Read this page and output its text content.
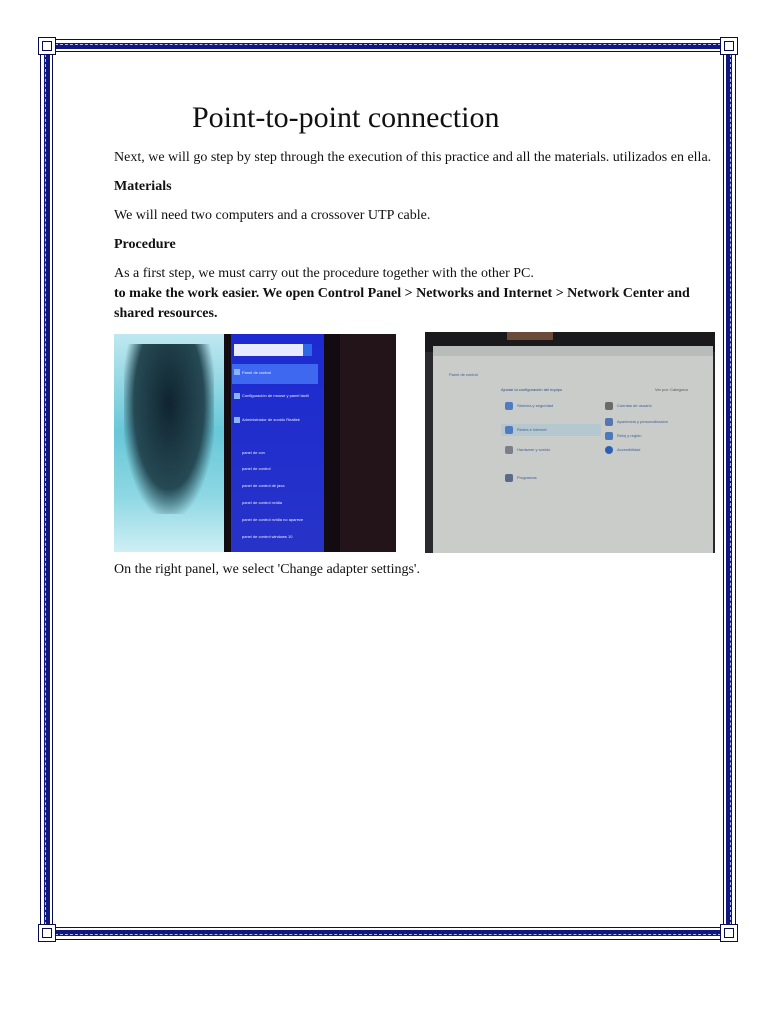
Point-to-point connection

Next, we will go step by step through the execution of this practice and all the materials. utilizados en ella.

Materials

We will need two computers and a crossover UTP cable.

Procedure

As a first step, we must carry out the procedure together with the other PC.

to make the work easier. We open Control Panel > Networks and Internet > Network Center and shared resources.

Panel de control
Configuración de mouse y panel táctil
Administrador de sonido Realtek
panel de con
panel de control
panel de control de java
panel de control nvidia
panel de control nvidia no aparece
panel de control windows 10
Panel de control
Ajustar la configuración del equipo	Ver por: Categoría
Sistema y seguridad	Cuentas de usuario
Redes e Internet
Apariencia y personalización
Hardware y sonido
Reloj y región
Programas
Accesibilidad

On the right panel, we select 'Change adapter settings'.
